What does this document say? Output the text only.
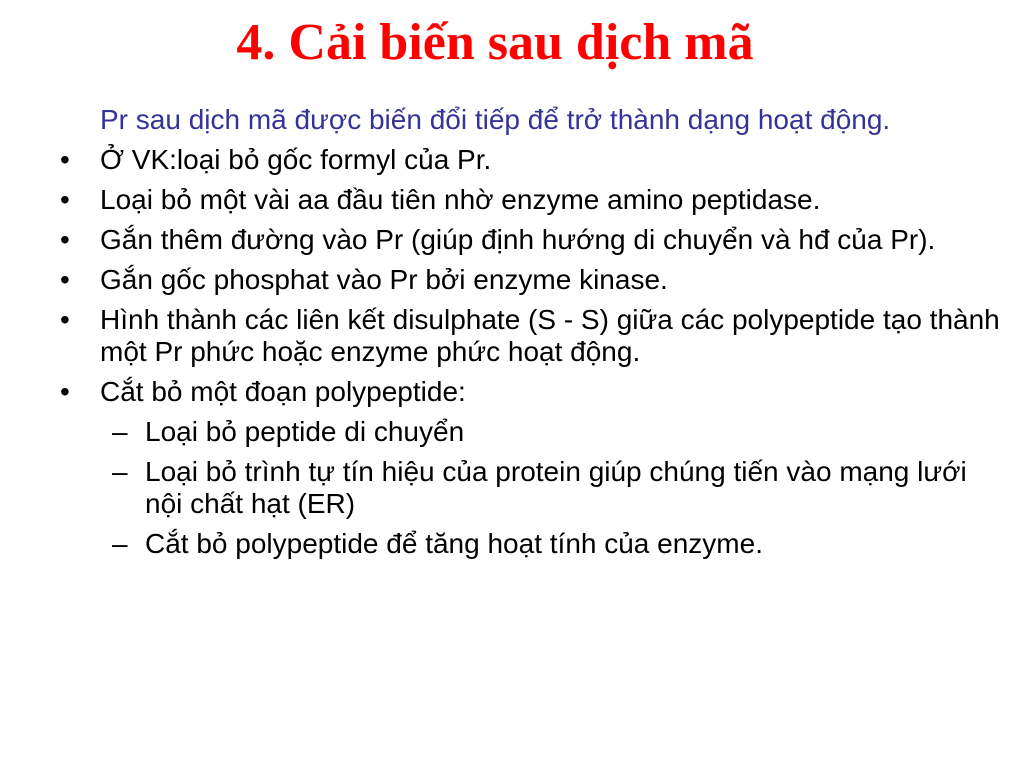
4. Cải biến sau dịch mã
Pr sau dịch mã được biến đổi tiếp để trở thành dạng hoạt động.
• Ở VK:loại bỏ gốc formyl của Pr.
• Loại bỏ một vài aa đầu tiên nhờ enzyme amino peptidase.
• Gắn thêm đường vào Pr (giúp định hướng di chuyển và hđ của Pr).
• Gắn gốc phosphat vào Pr bởi enzyme kinase.
• Hình thành các liên kết disulphate (S - S) giữa các polypeptide tạo thành một Pr phức hoặc enzyme phức hoạt động.
• Cắt bỏ một đoạn polypeptide:
– Loại bỏ peptide di chuyển
– Loại bỏ trình tự tín hiệu của protein giúp chúng tiến vào mạng lưới nội chất hạt (ER)
– Cắt bỏ polypeptide để tăng hoạt tính của enzyme.
